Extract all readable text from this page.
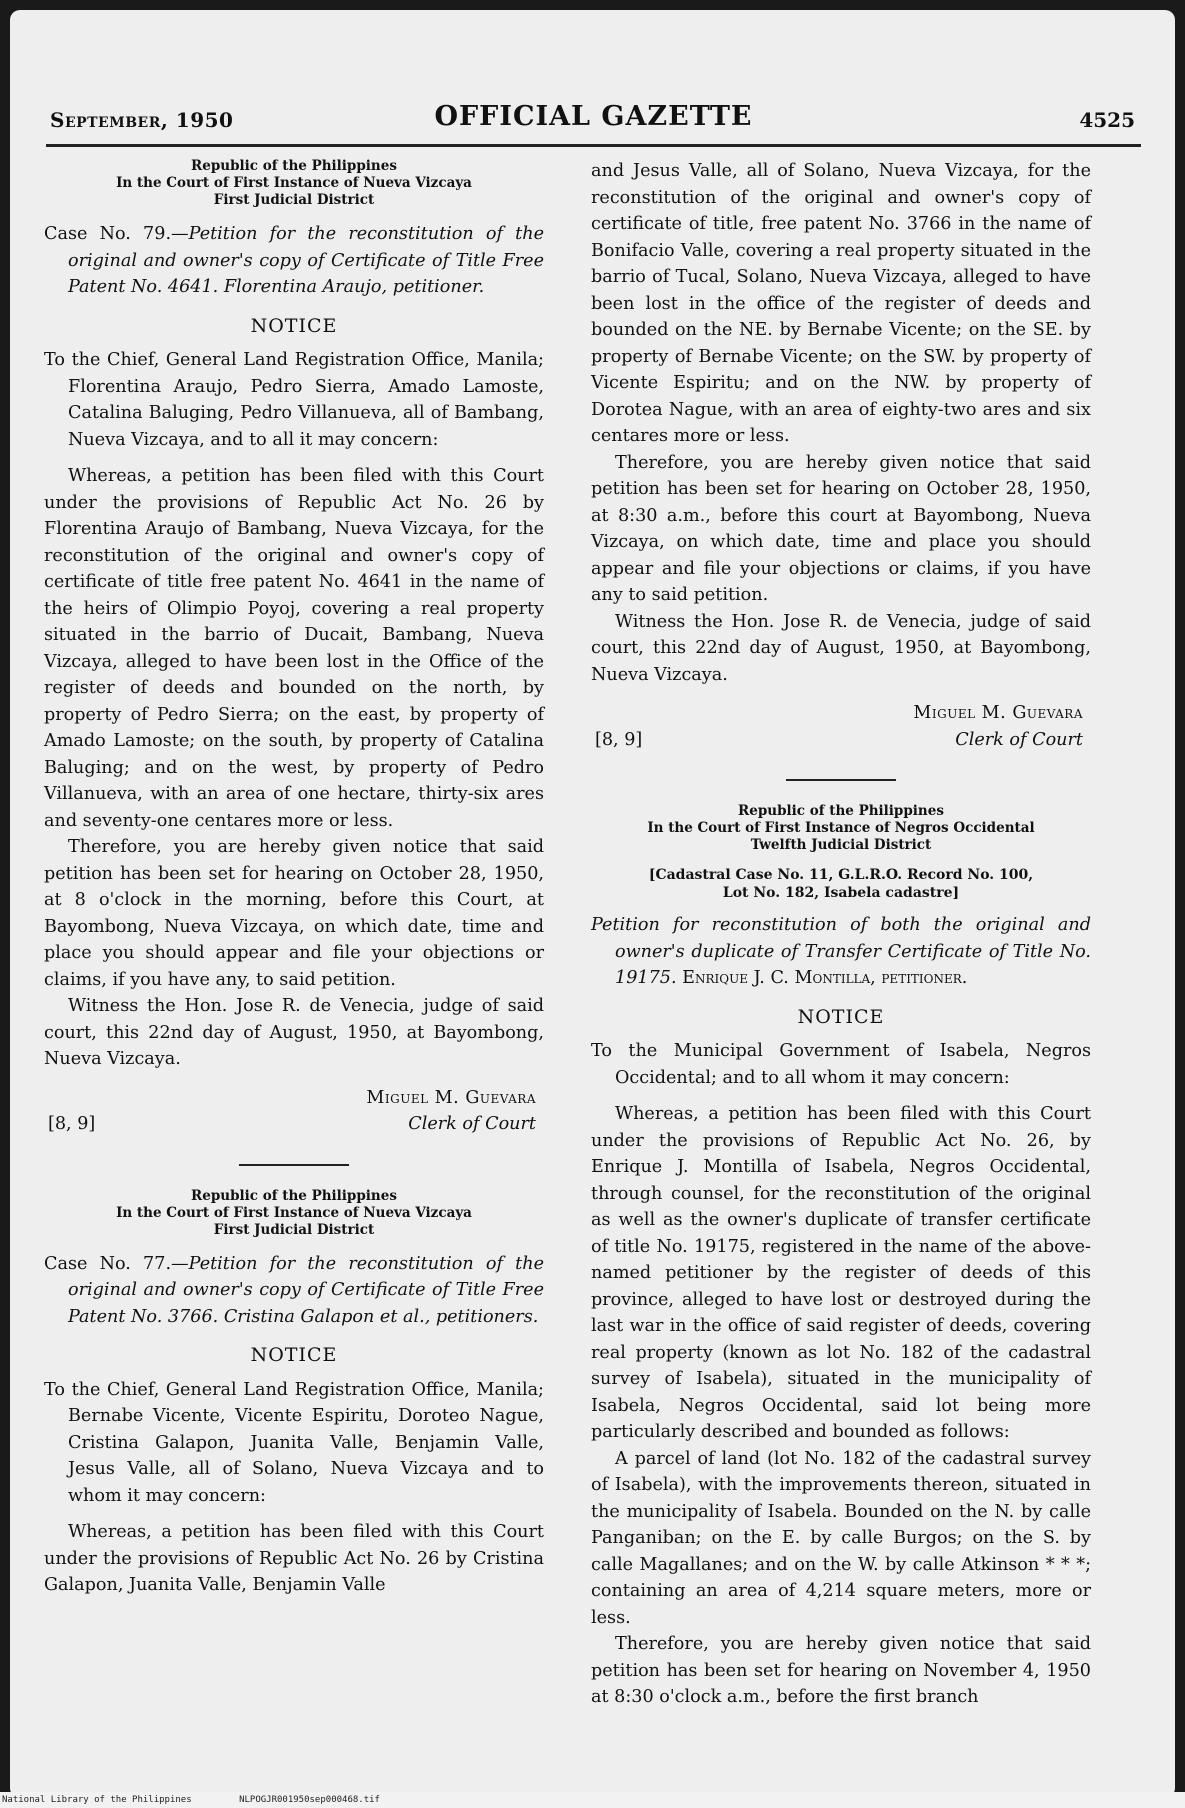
September, 1950	OFFICIAL GAZETTE	4525
Republic of the Philippines
In the Court of First Instance of Nueva Vizcaya
First Judicial District

Case No. 79.—Petition for the reconstitution of the original and owner's copy of Certificate of Title Free Patent No. 4641. Florentina Araujo, petitioner.

NOTICE

To the Chief, General Land Registration Office, Manila; Florentina Araujo, Pedro Sierra, Amado Lamoste, Catalina Baluging, Pedro Villanueva, all of Bambang, Nueva Vizcaya, and to all it may concern:

Whereas, a petition has been filed with this Court under the provisions of Republic Act No. 26 by Florentina Araujo of Bambang, Nueva Vizcaya, for the reconstitution of the original and owner's copy of certificate of title free patent No. 4641 in the name of the heirs of Olimpio Poyoj, covering a real property situated in the barrio of Ducait, Bambang, Nueva Vizcaya, alleged to have been lost in the Office of the register of deeds and bounded on the north, by property of Pedro Sierra; on the east, by property of Amado Lamoste; on the south, by property of Catalina Baluging; and on the west, by property of Pedro Villanueva, with an area of one hectare, thirty-six ares and seventy-one centares more or less.

Therefore, you are hereby given notice that said petition has been set for hearing on October 28, 1950, at 8 o'clock in the morning, before this Court, at Bayombong, Nueva Vizcaya, on which date, time and place you should appear and file your objections or claims, if you have any, to said petition.

Witness the Hon. Jose R. de Venecia, judge of said court, this 22nd day of August, 1950, at Bayombong, Nueva Vizcaya.

[8, 9]
Miguel M. Guevara
Clerk of Court
Republic of the Philippines
In the Court of First Instance of Nueva Vizcaya
First Judicial District

Case No. 77.—Petition for the reconstitution of the original and owner's copy of Certificate of Title Free Patent No. 3766. Cristina Galapon et al., petitioners.

NOTICE

To the Chief, General Land Registration Office, Manila; Bernabe Vicente, Vicente Espiritu, Doroteo Nague, Cristina Galapon, Juanita Valle, Benjamin Valle, Jesus Valle, all of Solano, Nueva Vizcaya and to whom it may concern:

Whereas, a petition has been filed with this Court under the provisions of Republic Act No. 26 by Cristina Galapon, Juanita Valle, Benjamin Valle

and Jesus Valle, all of Solano, Nueva Vizcaya, for the reconstitution of the original and owner's copy of certificate of title, free patent No. 3766 in the name of Bonifacio Valle, covering a real property situated in the barrio of Tucal, Solano, Nueva Vizcaya, alleged to have been lost in the office of the register of deeds and bounded on the NE. by Bernabe Vicente; on the SE. by property of Bernabe Vicente; on the SW. by property of Vicente Espiritu; and on the NW. by property of Dorotea Nague, with an area of eighty-two ares and six centares more or less.

Therefore, you are hereby given notice that said petition has been set for hearing on October 28, 1950, at 8:30 a.m., before this court at Bayombong, Nueva Vizcaya, on which date, time and place you should appear and file your objections or claims, if you have any to said petition.

Witness the Hon. Jose R. de Venecia, judge of said court, this 22nd day of August, 1950, at Bayombong, Nueva Vizcaya.

[8, 9]
Miguel M. Guevara
Clerk of Court
Republic of the Philippines
In the Court of First Instance of Negros Occidental
Twelfth Judicial District
[Cadastral Case No. 11, G.L.R.O. Record No. 100,
Lot No. 182, Isabela cadastre]

Petition for reconstitution of both the original and owner's duplicate of Transfer Certificate of Title No. 19175. Enrique J. C. Montilla, petitioner.

NOTICE

To the Municipal Government of Isabela, Negros Occidental; and to all whom it may concern:

Whereas, a petition has been filed with this Court under the provisions of Republic Act No. 26, by Enrique J. Montilla of Isabela, Negros Occidental, through counsel, for the reconstitution of the original as well as the owner's duplicate of transfer certificate of title No. 19175, registered in the name of the above-named petitioner by the register of deeds of this province, alleged to have lost or destroyed during the last war in the office of said register of deeds, covering real property (known as lot No. 182 of the cadastral survey of Isabela), situated in the municipality of Isabela, Negros Occidental, said lot being more particularly described and bounded as follows:

A parcel of land (lot No. 182 of the cadastral survey of Isabela), with the improvements thereon, situated in the municipality of Isabela. Bounded on the N. by calle Panganiban; on the E. by calle Burgos; on the S. by calle Magallanes; and on the W. by calle Atkinson * * *; containing an area of 4,214 square meters, more or less.

Therefore, you are hereby given notice that said petition has been set for hearing on November 4, 1950 at 8:30 o'clock a.m., before the first branch

National Library of the Philippines	NLPOGJR001950sep000468.tif
